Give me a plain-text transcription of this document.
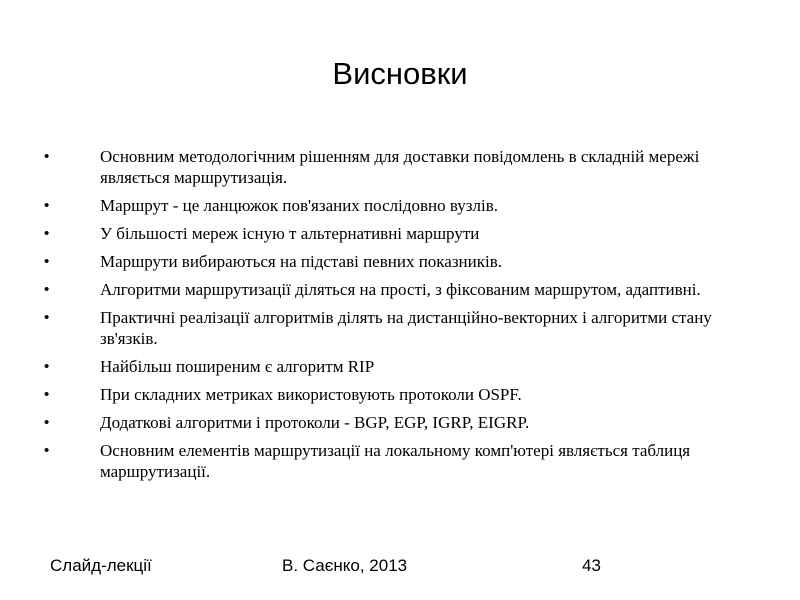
Висновки
•	Основним методологічним рішенням для доставки повідомлень в складній мережі являється маршрутизація.
•	Маршрут - це ланцюжок пов'язаних послідовно вузлів.
•	У більшості мереж існую т альтернативні маршрути
•	Маршрути вибираються на підставі певних показників.
•	Алгоритми маршрутизації діляться на прості, з фіксованим маршрутом, адаптивні.
•	Практичні реалізації алгоритмів ділять на дистанційно-векторних і алгоритми стану зв'язків.
•	Найбільш поширеним є алгоритм RIP
•	При складних метриках використовують протоколи OSPF.
•	Додаткові алгоритми і протоколи - BGP, EGP, IGRP, EIGRP.
•	Основним елементів маршрутизації на локальному комп'ютері являється таблиця маршрутизації.
Слайд-лекції	В. Саєнко, 2013	43
